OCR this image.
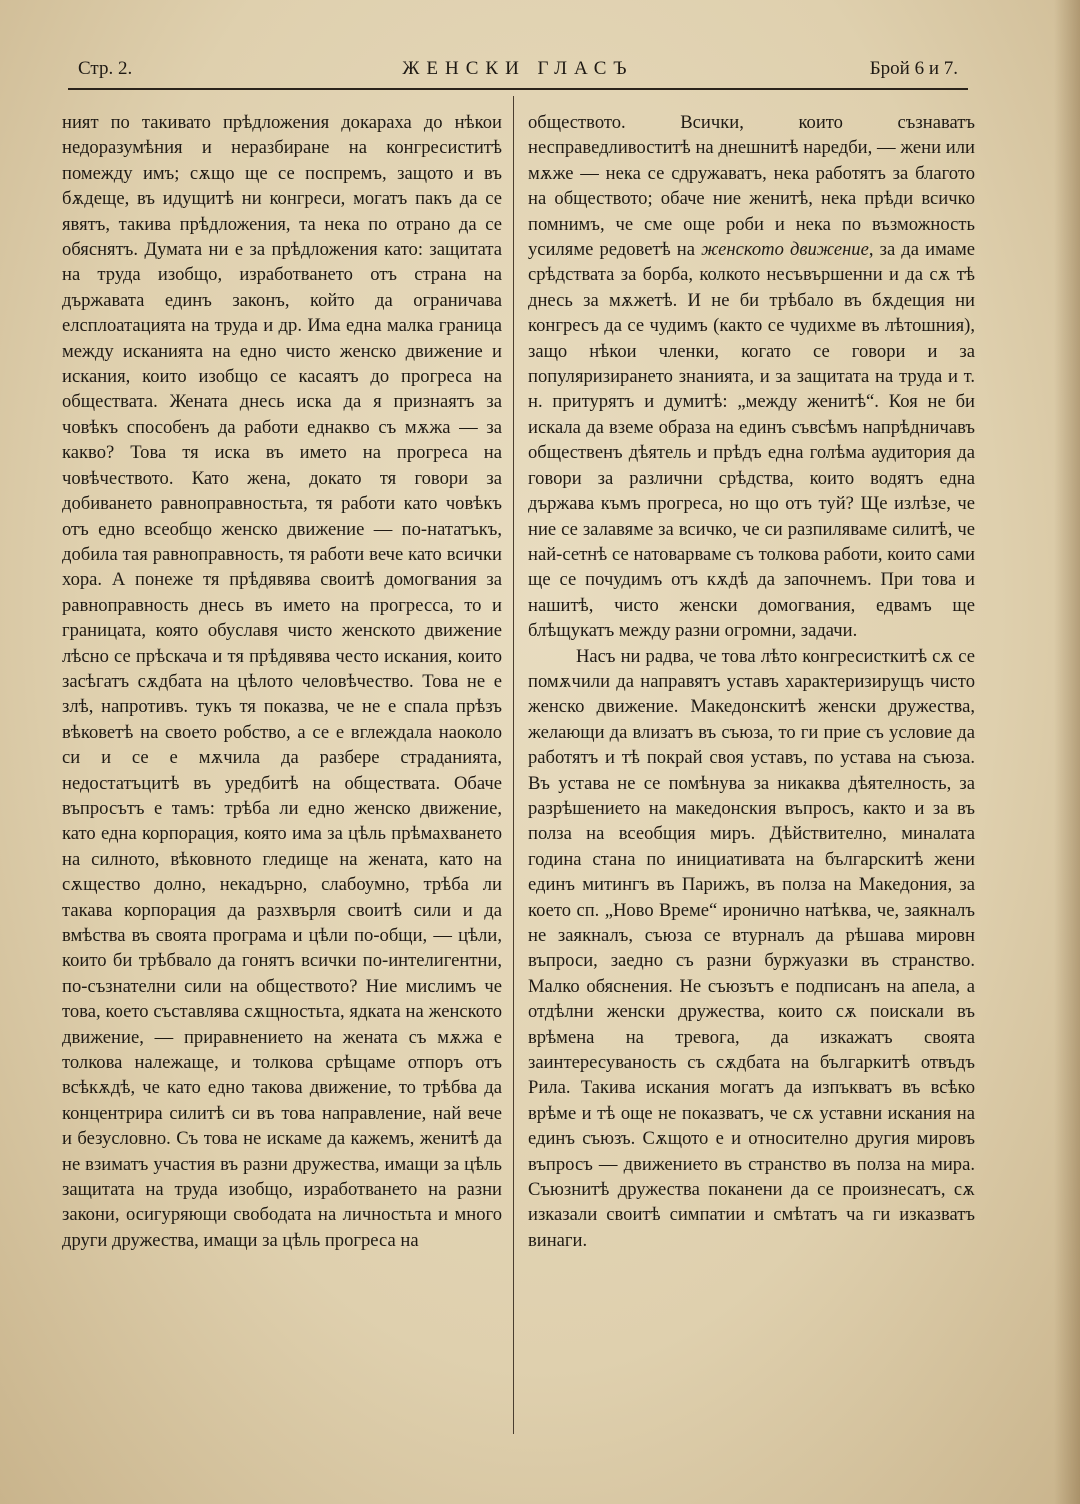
Стр. 2.	ЖЕНСКИ ГЛАСЪ	Брой 6 и 7.

ният по такивато прѣдложения докараха до нѣкои недоразумѣния и неразбиране на конгресиститѣ помежду имъ; сѫщо ще се поспремъ, защото и въ бѫдеще, въ идущитѣ ни конгреси, могатъ пакъ да се явятъ, такива прѣдложения, та нека по отрано да се обяснятъ. Думата ни е за прѣдложения като: защитата на труда изобщо, изработването отъ страна на държавата единъ законъ, който да ограничава елсплоатацията на труда и др. Има една малка граница между исканията на едно чисто женско движение и искания, които изобщо се касаятъ до прогреса на обществата. Жената днесь иска да я признаятъ за човѣкъ способенъ да работи еднакво съ мѫжа — за какво? Това тя иска въ името на прогреса на човѣчеството. Като жена, докато тя говори за добиването равноправностьта, тя работи като човѣкъ отъ едно всеобщо женско движение — по-нататъкъ, добила тая равноправность, тя работи вече като всички хора. А понеже тя прѣдявява своитѣ домогвания за равноправность днесь въ името на прогресса, то и границата, която обуславя чисто женското движение лѣсно се прѣскача и тя прѣдявява често искания, които засѣгатъ сѫдбата на цѣлото человѣчество. Това не е злѣ, напротивъ. тукъ тя показва, че не е спала прѣзъ вѣковетѣ на своето робство, а се е вглеждала наоколо си и се е мѫчила да разбере страданията, недостатъцитѣ въ уредбитѣ на обществата. Обаче въпросътъ е тамъ: трѣба ли едно женско движение, като една корпорация, която има за цѣль прѣмахването на силното, вѣковното гледище на жената, като на сѫщество долно, некадърно, слабоумно, трѣба ли такава корпорация да разхвърля своитѣ сили и да вмѣства въ своята програма и цѣли по-общи, — цѣли, които би трѣбвало да гонятъ всички по-интелигентни, по-съзнателни сили на обществото? Ние мислимъ че това, което съставлява сѫщностьта, ядката на женското движение, — приравнението на жената съ мѫжа е толкова належаще, и толкова срѣщаме отпоръ отъ всѣкѫдѣ, че като едно такова движение, то трѣбва да концентрира силитѣ си въ това направление, най вече и безусловно. Съ това не искаме да кажемъ, женитѣ да не взиматъ участия въ разни дружества, имащи за цѣль защитата на труда изобщо, изработването на разни закони, осигуряющи свободата на личностьта и много други дружества, имащи за цѣль прогреса на

обществото. Всички, които съзнаватъ несправедливоститѣ на днешнитѣ наредби, — жени или мѫже — нека се сдружаватъ, нека работятъ за благото на обществото; обаче ние женитѣ, нека прѣди всичко помнимъ, че сме още роби и нека по възможность усиляме редоветѣ на женското движение, за да имаме срѣдствата за борба, колкото несъвършенни и да сѫ тѣ днесь за мѫжетѣ. И не би трѣбало въ бѫдещия ни конгресъ да се чудимъ (както се чудихме въ лѣтошния), защо нѣкои членки, когато се говори и за популяризирането знанията, и за защитата на труда и т. н. притурятъ и думитѣ: „между женитѣ“. Коя не би искала да вземе образа на единъ съвсѣмъ напрѣдничавъ общественъ дѣятель и прѣдъ една голѣма аудитория да говори за различни срѣдства, които водятъ една държава къмъ прогреса, но що отъ туй? Ще излѣзе, че ние се залавяме за всичко, че си разпиляваме силитѣ, че най-сетнѣ се натоварваме съ толкова работи, които сами ще се почудимъ отъ кѫдѣ да започнемъ. При това и нашитѣ, чисто женски домогвания, едвамъ ще блѣщукатъ между разни огромни, задачи.

Насъ ни радва, че това лѣто конгресисткитѣ сѫ се помѫчили да направятъ уставъ характеризирущъ чисто женско движение. Македонскитѣ женски дружества, желающи да влизатъ въ съюза, то ги прие съ условие да работятъ и тѣ покрай своя уставъ, по устава на съюза. Въ устава не се помѣнува за никаква дѣятелность, за разрѣшението на македонския въпросъ, както и за въ полза на всеобщия миръ. Дѣйствително, миналата година стана по инициативата на българскитѣ жени единъ митингъ въ Парижъ, въ полза на Македония, за което сп. „Ново Време“ иронично натѣква, че, заякналъ не заякналъ, съюза се втурналъ да рѣшава мировн въпроси, заедно съ разни буржуазки въ странство. Малко обяснения. Не съюзътъ е подписанъ на апела, а отдѣлни женски дружества, които сѫ поискали въ врѣмена на тревога, да изкажатъ своята заинтересуваность съ сѫдбата на българкитѣ отвъдъ Рила. Такива искания могатъ да изпъкватъ въ всѣко врѣме и тѣ още не показватъ, че сѫ уставни искания на единъ съюзъ. Сѫщото е и относително другия мировъ въпросъ — движението въ странство въ полза на мира. Съюзнитѣ дружества поканени да се произнесатъ, сѫ изказали своитѣ симпатии и смѣтатъ ча ги изказватъ винаги.
